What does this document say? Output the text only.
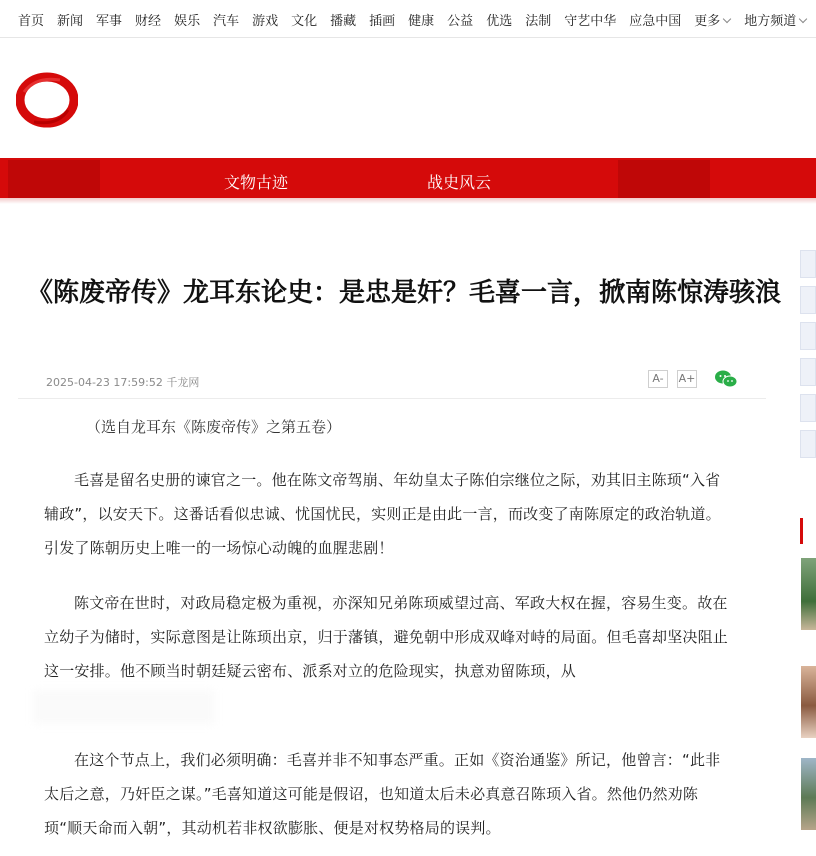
首页 新闻 军事 财经 娱乐 汽车 游戏 文化 播藏 插画 健康 公益 优选 法制 守艺中华 应急中国 更多	地方频道
文物古迹	战史风云
《陈废帝传》龙耳东论史：是忠是奸？毛喜一言，掀南陈惊涛骇浪
2025-04-23 17:59:52 千龙网	A-	A+
（选自龙耳东《陈废帝传》之第五卷）

毛喜是留名史册的谏官之一。他在陈文帝驾崩、年幼皇太子陈伯宗继位之际，劝其旧主陈顼“入省辅政”，以安天下。这番话看似忠诚、忧国忧民，实则正是由此一言，而改变了南陈原定的政治轨道。引发了陈朝历史上唯一的一场惊心动魄的血腥悲剧！

陈文帝在世时，对政局稳定极为重视，亦深知兄弟陈顼威望过高、军政大权在握，容易生变。故在立幼子为储时，实际意图是让陈顼出京，归于藩镇，避免朝中形成双峰对峙的局面。但毛喜却坚决阻止这一安排。他不顾当时朝廷疑云密布、派系对立的危险现实，执意劝留陈顼，从

在这个节点上，我们必须明确：毛喜并非不知事态严重。正如《资治通鉴》所记，他曾言：“此非太后之意，乃奸臣之谋。”毛喜知道这可能是假诏，也知道太后未必真意召陈顼入省。然他仍然劝陈顼“顺天命而入朝”，其动机若非权欲膨胀、便是对权势格局的误判。
